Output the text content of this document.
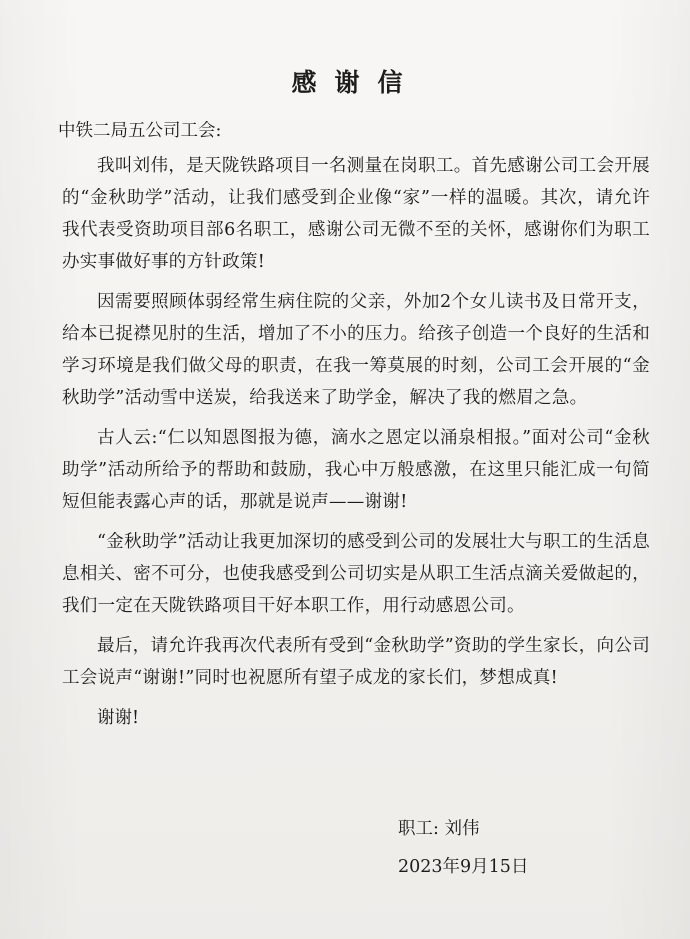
感谢信
中铁二局五公司工会:

我叫刘伟，是天陇铁路项目一名测量在岗职工。首先感谢公司工会开展的“金秋助学”活动，让我们感受到企业像“家”一样的温暖。其次，请允许我代表受资助项目部6名职工，感谢公司无微不至的关怀，感谢你们为职工办实事做好事的方针政策!

因需要照顾体弱经常生病住院的父亲，外加2个女儿读书及日常开支，给本已捉襟见肘的生活，增加了不小的压力。给孩子创造一个良好的生活和学习环境是我们做父母的职责，在我一筹莫展的时刻，公司工会开展的“金秋助学”活动雪中送炭，给我送来了助学金，解决了我的燃眉之急。

古人云:“仁以知恩图报为德，滴水之恩定以涌泉相报。”面对公司“金秋助学”活动所给予的帮助和鼓励，我心中万般感激，在这里只能汇成一句简短但能表露心声的话，那就是说声——谢谢!

“金秋助学”活动让我更加深切的感受到公司的发展壮大与职工的生活息息相关、密不可分，也使我感受到公司切实是从职工生活点滴关爱做起的，我们一定在天陇铁路项目干好本职工作，用行动感恩公司。

最后，请允许我再次代表所有受到“金秋助学”资助的学生家长，向公司工会说声“谢谢!”同时也祝愿所有望子成龙的家长们，梦想成真!

谢谢!

职工: 刘伟
2023年9月15日
